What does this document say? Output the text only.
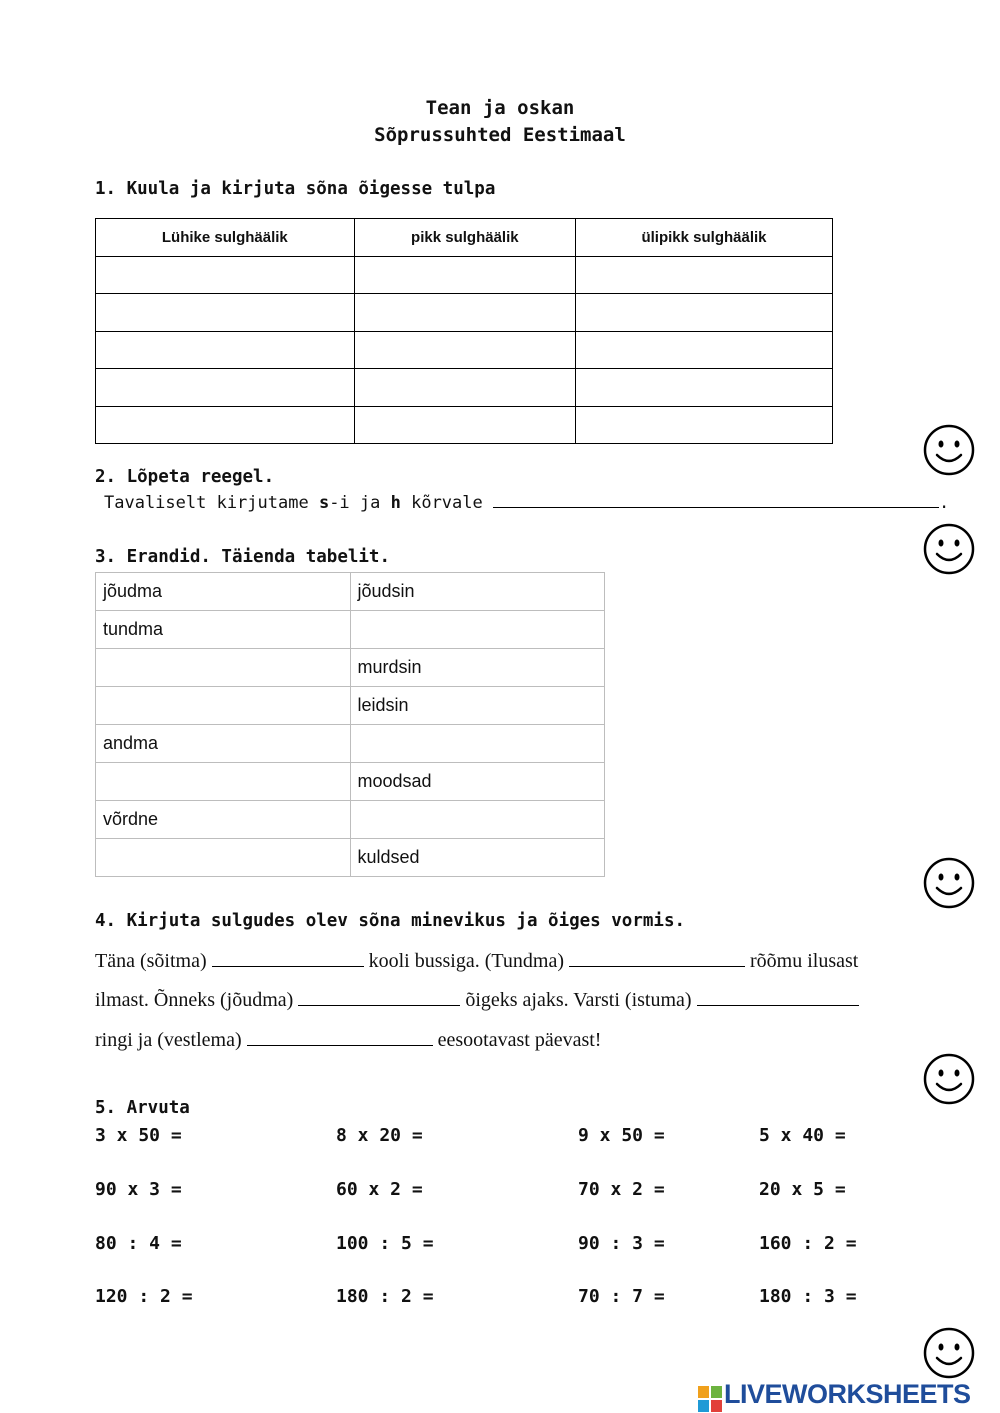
Tean ja oskan
Sõprussuhted Eestimaal
1. Kuula ja kirjuta sõna õigesse tulpa
Lühike sulghäälik	pikk sulghäälik	ülipikk sulghäälik

2. Lõpeta reegel.
Tavaliselt kirjutame s-i ja h kõrvale	.
3. Erandid. Täienda tabelit.
jõudma	jõudsin
tundma	
	murdsin
	leidsin
andma	
	moodsad
võrdne	
	kuldsed
4. Kirjuta sulgudes olev sõna minevikus ja õiges vormis.
Täna (sõitma)	kooli bussiga. (Tundma)	rõõmu ilusast
ilmast. Õnneks (jõudma)	õigeks ajaks. Varsti (istuma)
ringi ja (vestlema)	eesootavast päevast!
5. Arvuta
3 x 50 =	8 x 20 =	9 x 50 =	5 x 40 =
90 x 3 =	60 x 2 =	70 x 2 =	20 x 5 =
80 : 4 =	100 : 5 =	90 : 3 =	160 : 2 =
120 : 2 =	180 : 2 =	70 : 7 =	180 : 3 =
LIVEWORKSHEETS
